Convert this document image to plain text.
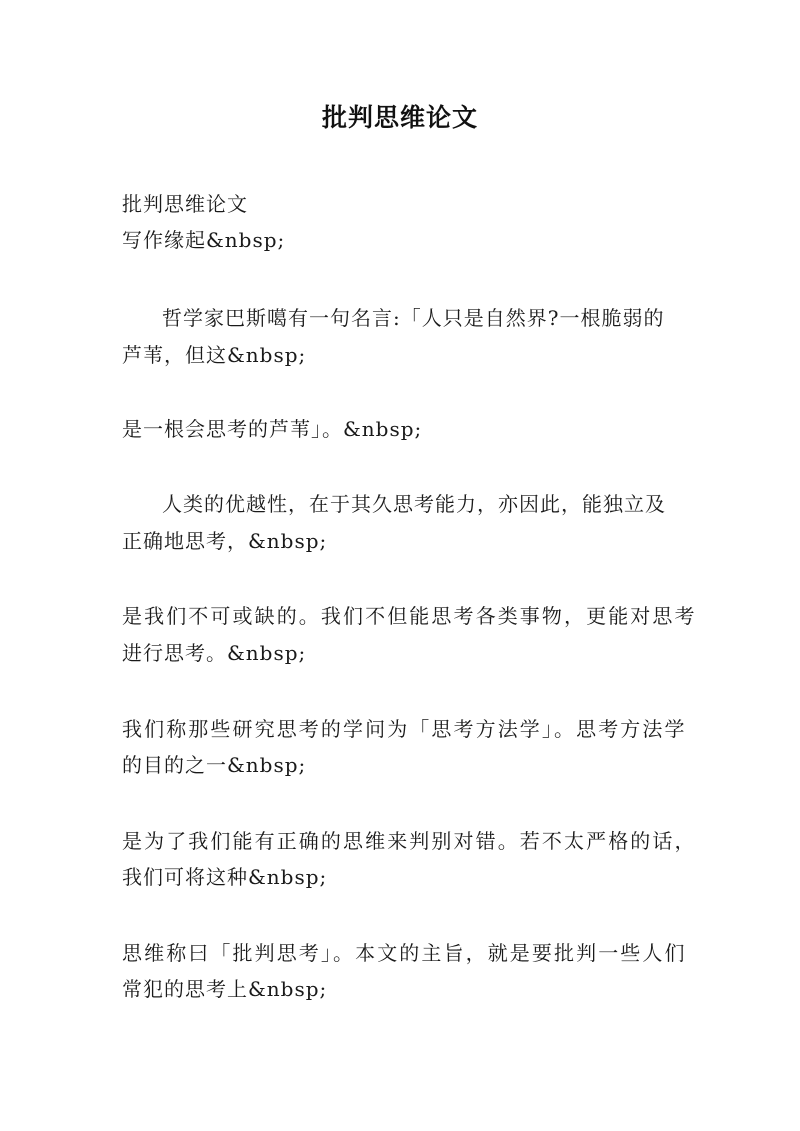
批判思维论文
批判思维论文
写作缘起&nbsp;
哲学家巴斯噶有一句名言:「人只是自然界?一根脆弱的
芦苇，但这&nbsp;
是一根会思考的芦苇」。&nbsp;
人类的优越性，在于其久思考能力，亦因此，能独立及
正确地思考，&nbsp;
是我们不可或缺的。我们不但能思考各类事物，更能对思考
进行思考。&nbsp;
我们称那些研究思考的学问为「思考方法学」。思考方法学
的目的之一&nbsp;
是为了我们能有正确的思维来判别对错。若不太严格的话，
我们可将这种&nbsp;
思维称曰「批判思考」。本文的主旨，就是要批判一些人们
常犯的思考上&nbsp;
